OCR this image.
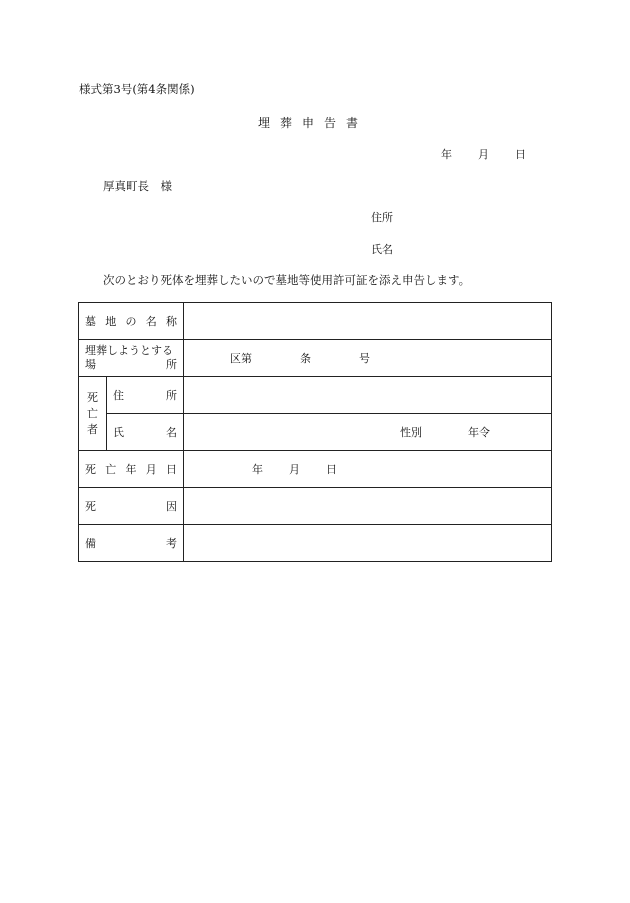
様式第3号(第4条関係)
埋葬申告書
年 月 日
厚真町長　様
住所
氏名
次のとおり死体を埋葬したいので墓地等使用許可証を添え申告します。
墓地の名称		

埋葬しようとする
場 所		区第 条 号

死
亡
者	住所	
	氏名	性別 年令
死亡年月日		年 月 日
死因		
備考		
